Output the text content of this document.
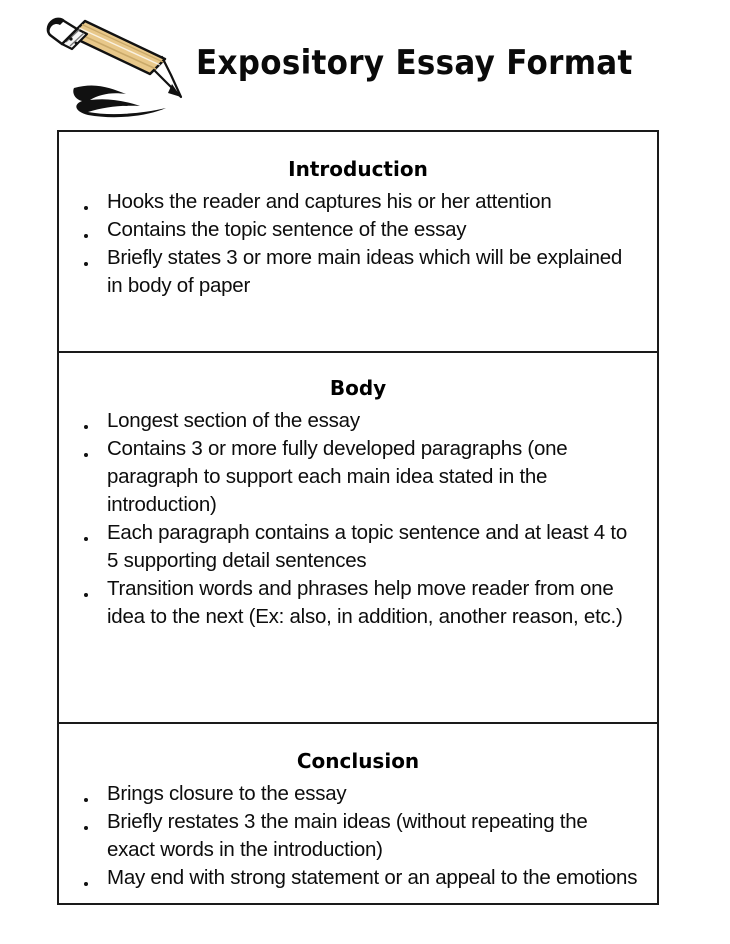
Expository Essay Format
Introduction
Hooks the reader and captures his or her attention
Contains the topic sentence of the essay
Briefly states 3 or more main ideas which will be explained in body of paper
Body
Longest section of the essay
Contains 3 or more fully developed paragraphs (one paragraph to support each main idea stated in the introduction)
Each paragraph contains a topic sentence and at least 4 to 5 supporting detail sentences
Transition words and phrases help move reader from one idea to the next (Ex: also, in addition, another reason, etc.)
Conclusion
Brings closure to the essay
Briefly restates 3 the main ideas (without repeating the exact words in the introduction)
May end with strong statement or an appeal to the emotions
